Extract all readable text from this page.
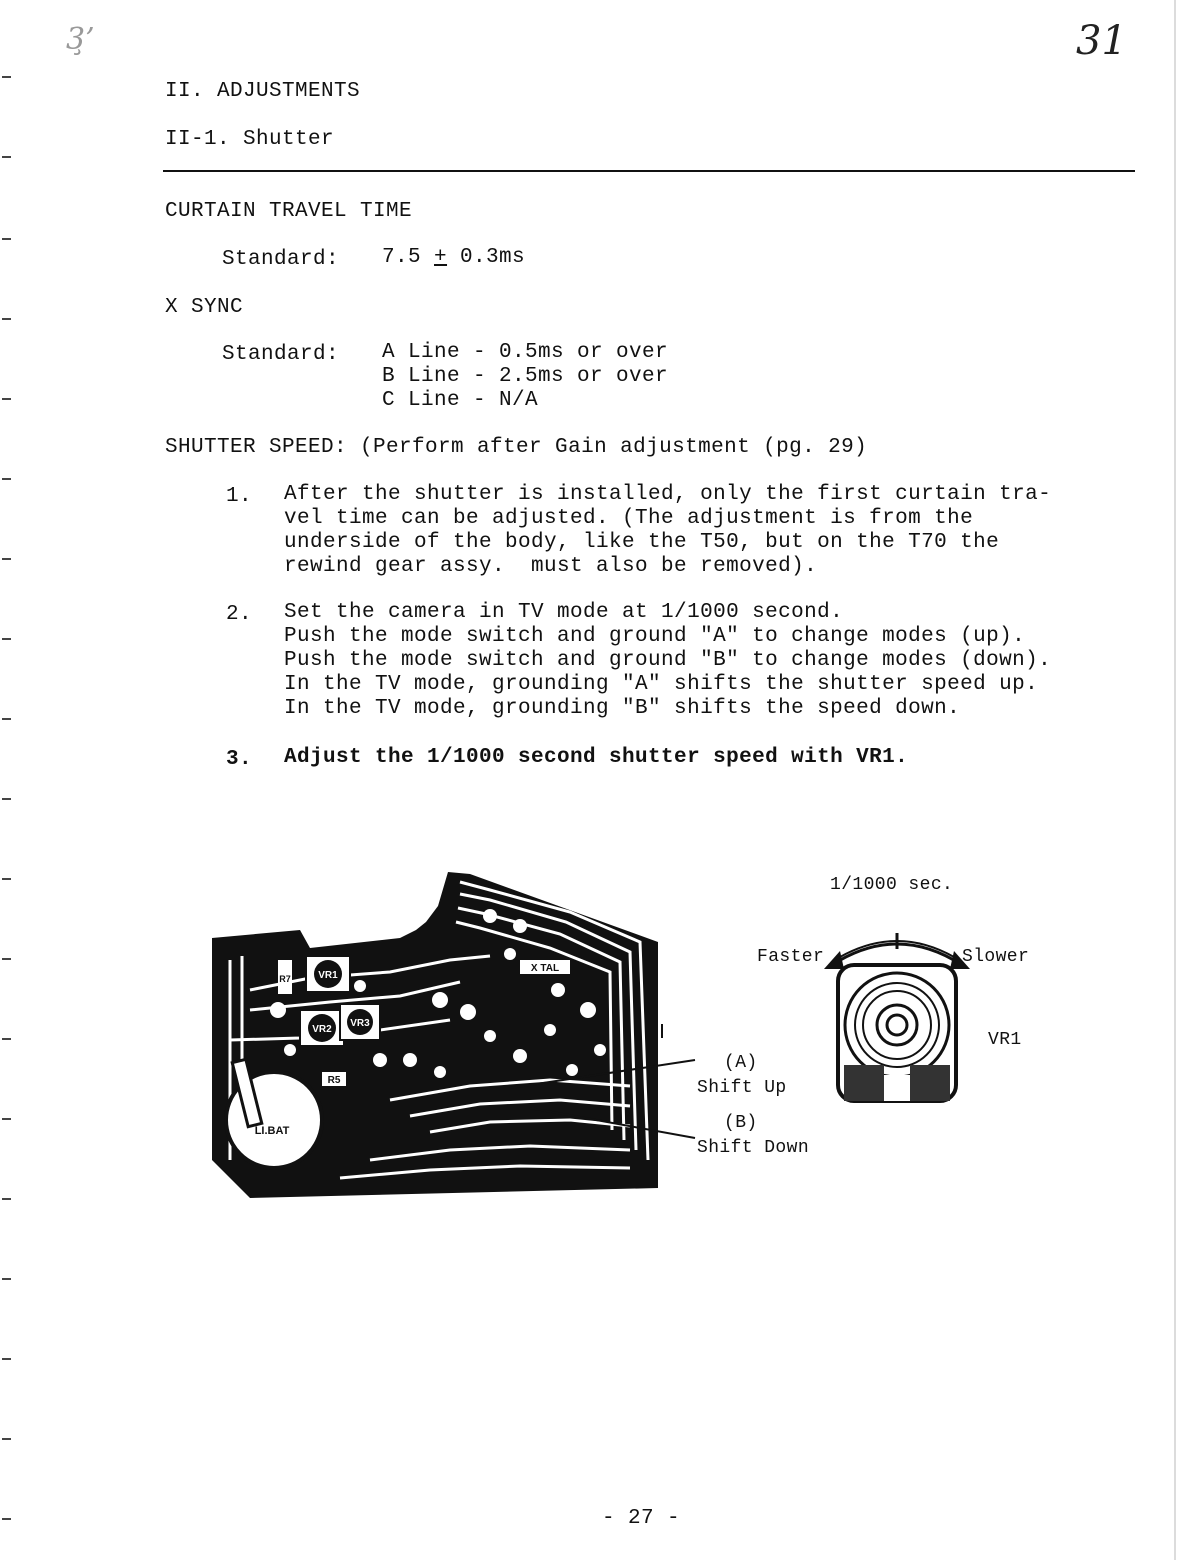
3̧’	31
II. ADJUSTMENTS
II-1. Shutter
CURTAIN TRAVEL TIME
Standard: 7.5 + 0.3ms
X SYNC
Standard: A Line - 0.5ms or over
B Line - 2.5ms or over
C Line - N/A
SHUTTER SPEED: (Perform after Gain adjustment (pg. 29)
1. After the shutter is installed, only the first curtain tra-
vel time can be adjusted. (The adjustment is from the
underside of the body, like the T50, but on the T70 the
rewind gear assy.  must also be removed).
2. Set the camera in TV mode at 1/1000 second.
Push the mode switch and ground "A" to change modes (up).
Push the mode switch and ground "B" to change modes (down).
In the TV mode, grounding "A" shifts the shutter speed up.
In the TV mode, grounding "B" shifts the speed down.
3. Adjust the 1/1000 second shutter speed with VR1.
VR1
VR2
VR3
R5
R7
X TAL
LI.BAT
(A)
Shift Up
(B)
Shift Down
1/1000 sec.
Faster	Slower
VR1
- 27 -
